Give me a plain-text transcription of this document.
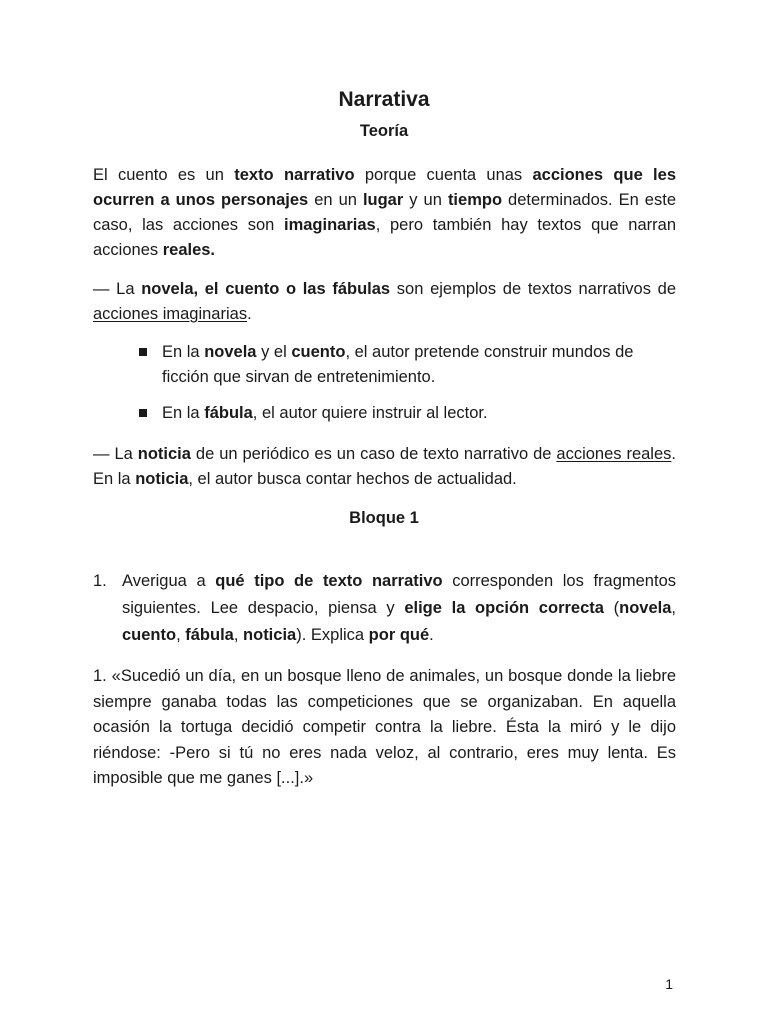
Narrativa
Teoría

El cuento es un texto narrativo porque cuenta unas acciones que les ocurren a unos personajes en un lugar y un tiempo determinados. En este caso, las acciones son imaginarias, pero también hay textos que narran acciones reales.

— La novela, el cuento o las fábulas son ejemplos de textos narrativos de acciones imaginarias.

En la novela y el cuento, el autor pretende construir mundos de ficción que sirvan de entretenimiento.

En la fábula, el autor quiere instruir al lector.

— La noticia de un periódico es un caso de texto narrativo de acciones reales. En la noticia, el autor busca contar hechos de actualidad.

Bloque 1
1. Averigua a qué tipo de texto narrativo corresponden los fragmentos siguientes. Lee despacio, piensa y elige la opción correcta (novela, cuento, fábula, noticia). Explica por qué.

1. «Sucedió un día, en un bosque lleno de animales, un bosque donde la liebre siempre ganaba todas las competiciones que se organizaban. En aquella ocasión la tortuga decidió competir contra la liebre. Ésta la miró y le dijo riéndose: -Pero si tú no eres nada veloz, al contrario, eres muy lenta. Es imposible que me ganes [...].»

1
